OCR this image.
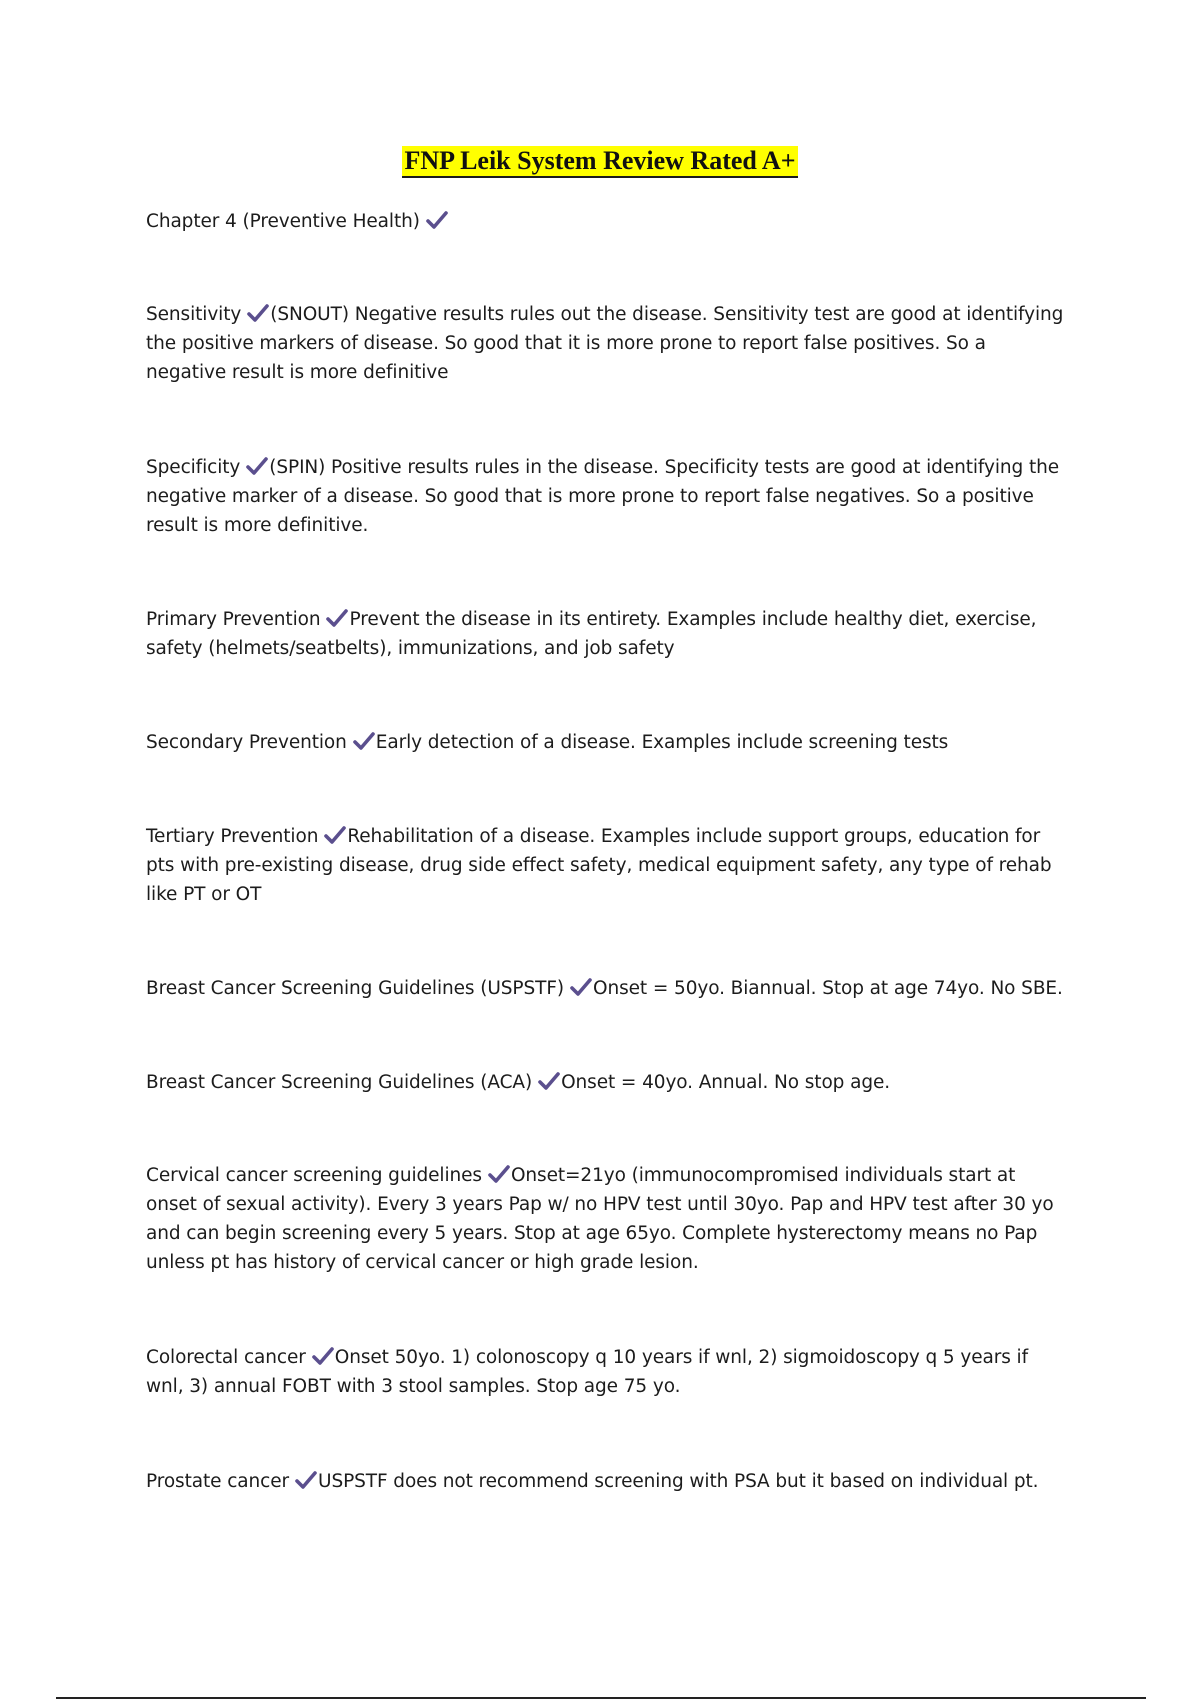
FNP Leik System Review Rated A+
Chapter 4 (Preventive Health)
Sensitivity (SNOUT) Negative results rules out the disease. Sensitivity test are good at identifying the positive markers of disease. So good that it is more prone to report false positives. So a negative result is more definitive
Specificity (SPIN) Positive results rules in the disease. Specificity tests are good at identifying the negative marker of a disease. So good that is more prone to report false negatives. So a positive result is more definitive.
Primary Prevention Prevent the disease in its entirety. Examples include healthy diet, exercise, safety (helmets/seatbelts), immunizations, and job safety
Secondary Prevention Early detection of a disease. Examples include screening tests
Tertiary Prevention Rehabilitation of a disease. Examples include support groups, education for pts with pre-existing disease, drug side effect safety, medical equipment safety, any type of rehab like PT or OT
Breast Cancer Screening Guidelines (USPSTF) Onset = 50yo. Biannual. Stop at age 74yo. No SBE.
Breast Cancer Screening Guidelines (ACA) Onset = 40yo. Annual. No stop age.
Cervical cancer screening guidelines Onset=21yo (immunocompromised individuals start at onset of sexual activity). Every 3 years Pap w/ no HPV test until 30yo. Pap and HPV test after 30 yo and can begin screening every 5 years. Stop at age 65yo. Complete hysterectomy means no Pap unless pt has history of cervical cancer or high grade lesion.
Colorectal cancer Onset 50yo. 1) colonoscopy q 10 years if wnl, 2) sigmoidoscopy q 5 years if wnl, 3) annual FOBT with 3 stool samples. Stop age 75 yo.
Prostate cancer USPSTF does not recommend screening with PSA but it based on individual pt.
